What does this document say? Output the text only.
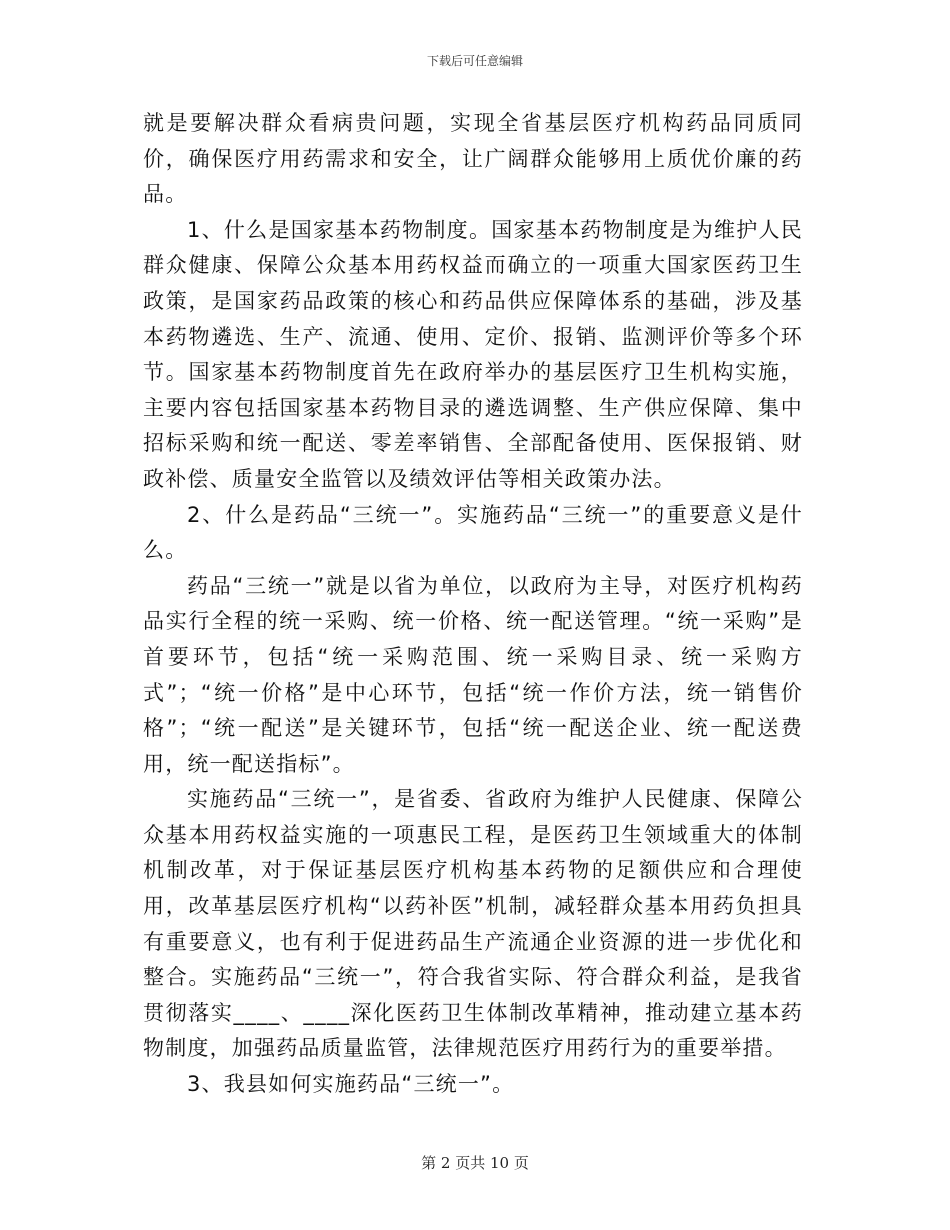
下载后可任意编辑

就是要解决群众看病贵问题，实现全省基层医疗机构药品同质同价，确保医疗用药需求和安全，让广阔群众能够用上质优价廉的药品。

1、什么是国家基本药物制度。国家基本药物制度是为维护人民群众健康、保障公众基本用药权益而确立的一项重大国家医药卫生政策，是国家药品政策的核心和药品供应保障体系的基础，涉及基本药物遴选、生产、流通、使用、定价、报销、监测评价等多个环节。国家基本药物制度首先在政府举办的基层医疗卫生机构实施，主要内容包括国家基本药物目录的遴选调整、生产供应保障、集中招标采购和统一配送、零差率销售、全部配备使用、医保报销、财政补偿、质量安全监管以及绩效评估等相关政策办法。

2、什么是药品“三统一”。实施药品“三统一”的重要意义是什么。

药品“三统一”就是以省为单位，以政府为主导，对医疗机构药品实行全程的统一采购、统一价格、统一配送管理。“统一采购”是首要环节，包括“统一采购范围、统一采购目录、统一采购方式”；“统一价格”是中心环节，包括“统一作价方法，统一销售价格”；“统一配送”是关键环节，包括“统一配送企业、统一配送费用，统一配送指标”。

实施药品“三统一”，是省委、省政府为维护人民健康、保障公众基本用药权益实施的一项惠民工程，是医药卫生领域重大的体制机制改革，对于保证基层医疗机构基本药物的足额供应和合理使用，改革基层医疗机构“以药补医”机制，减轻群众基本用药负担具有重要意义，也有利于促进药品生产流通企业资源的进一步优化和整合。实施药品“三统一”，符合我省实际、符合群众利益，是我省贯彻落实____、____深化医药卫生体制改革精神，推动建立基本药物制度，加强药品质量监管，法律规范医疗用药行为的重要举措。

3、我县如何实施药品“三统一”。

第 2 页共 10 页
